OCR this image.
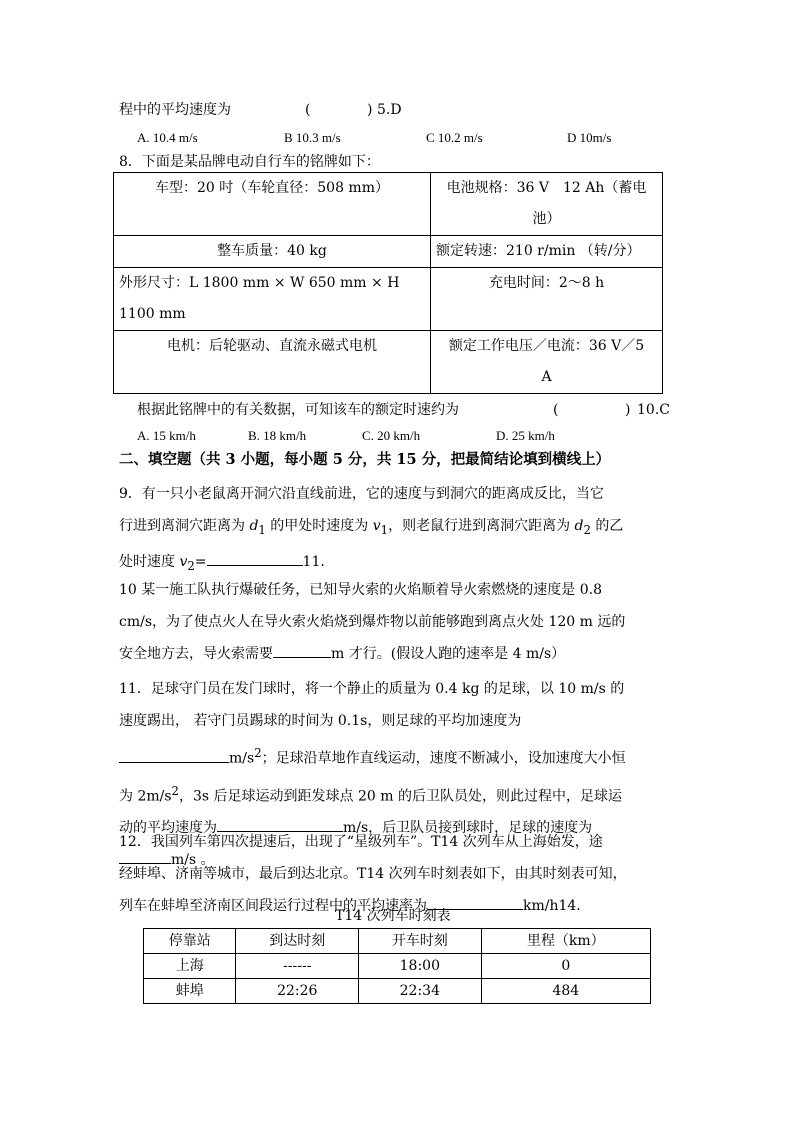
程中的平均速度为	(	) 5.D
A. 10.4 m/s	B 10.3 m/s	C 10.2 m/s	D 10m/s
8．下面是某品牌电动自行车的铭牌如下：
车型：20 吋（车轮直径：508 mm）	电池规格：36 V　12 Ah（蓄电
池）
整车质量：40 kg	额定转速：210 r/min （转/分）
外形尺寸：L 1800 mm × W 650 mm × H
1100 mm	充电时间：2～8 h
电机：后轮驱动、直流永磁式电机	额定工作电压／电流：36 V／5
A
根据此铭牌中的有关数据，可知该车的额定时速约为	(	) 10.C
A. 15 km/h	B. 18 km/h	C. 20 km/h	D. 25 km/h
二、填空题（共 3 小题，每小题 5 分，共 15 分，把最简结论填到横线上）
9．有一只小老鼠离开洞穴沿直线前进，它的速度与到洞穴的距离成反比，当它
行进到离洞穴距离为 $d_1$ 的甲处时速度为 $v_1$，则老鼠行进到离洞穴距离为 $d_2$ 的乙
处时速度 $v_2=$	11.
10 某一施工队执行爆破任务，已知导火索的火焰顺着导火索燃烧的速度是 0.8
cm/s，为了使点火人在导火索火焰烧到爆炸物以前能够跑到离点火处 120 m 远的
安全地方去，导火索需要	m 才行。(假设人跑的速率是 4 m/s）
11．足球守门员在发门球时，将一个静止的质量为 0.4 kg 的足球，以 10 m/s 的
速度踢出， 若守门员踢球的时间为 0.1s，则足球的平均加速度为
$m/s^2$；足球沿草地作直线运动，速度不断减小，设加速度大小恒
为 $2m/s^2$，3s 后足球运动到距发球点 20 m 的后卫队员处，则此过程中，足球运
动的平均速度为	m/s，后卫队员接到球时，足球的速度为
m/s 。
12．我国列车第四次提速后，出现了“星级列车”。T14 次列车从上海始发，途
经蚌埠、济南等城市，最后到达北京。T14 次列车时刻表如下，由其时刻表可知，
列车在蚌埠至济南区间段运行过程中的平均速率为	km/h14.
T14 次列车时刻表
停靠站	到达时刻	开车时刻	里程（km）
上海	------	18:00	0
蚌埠	22:26	22:34	484
